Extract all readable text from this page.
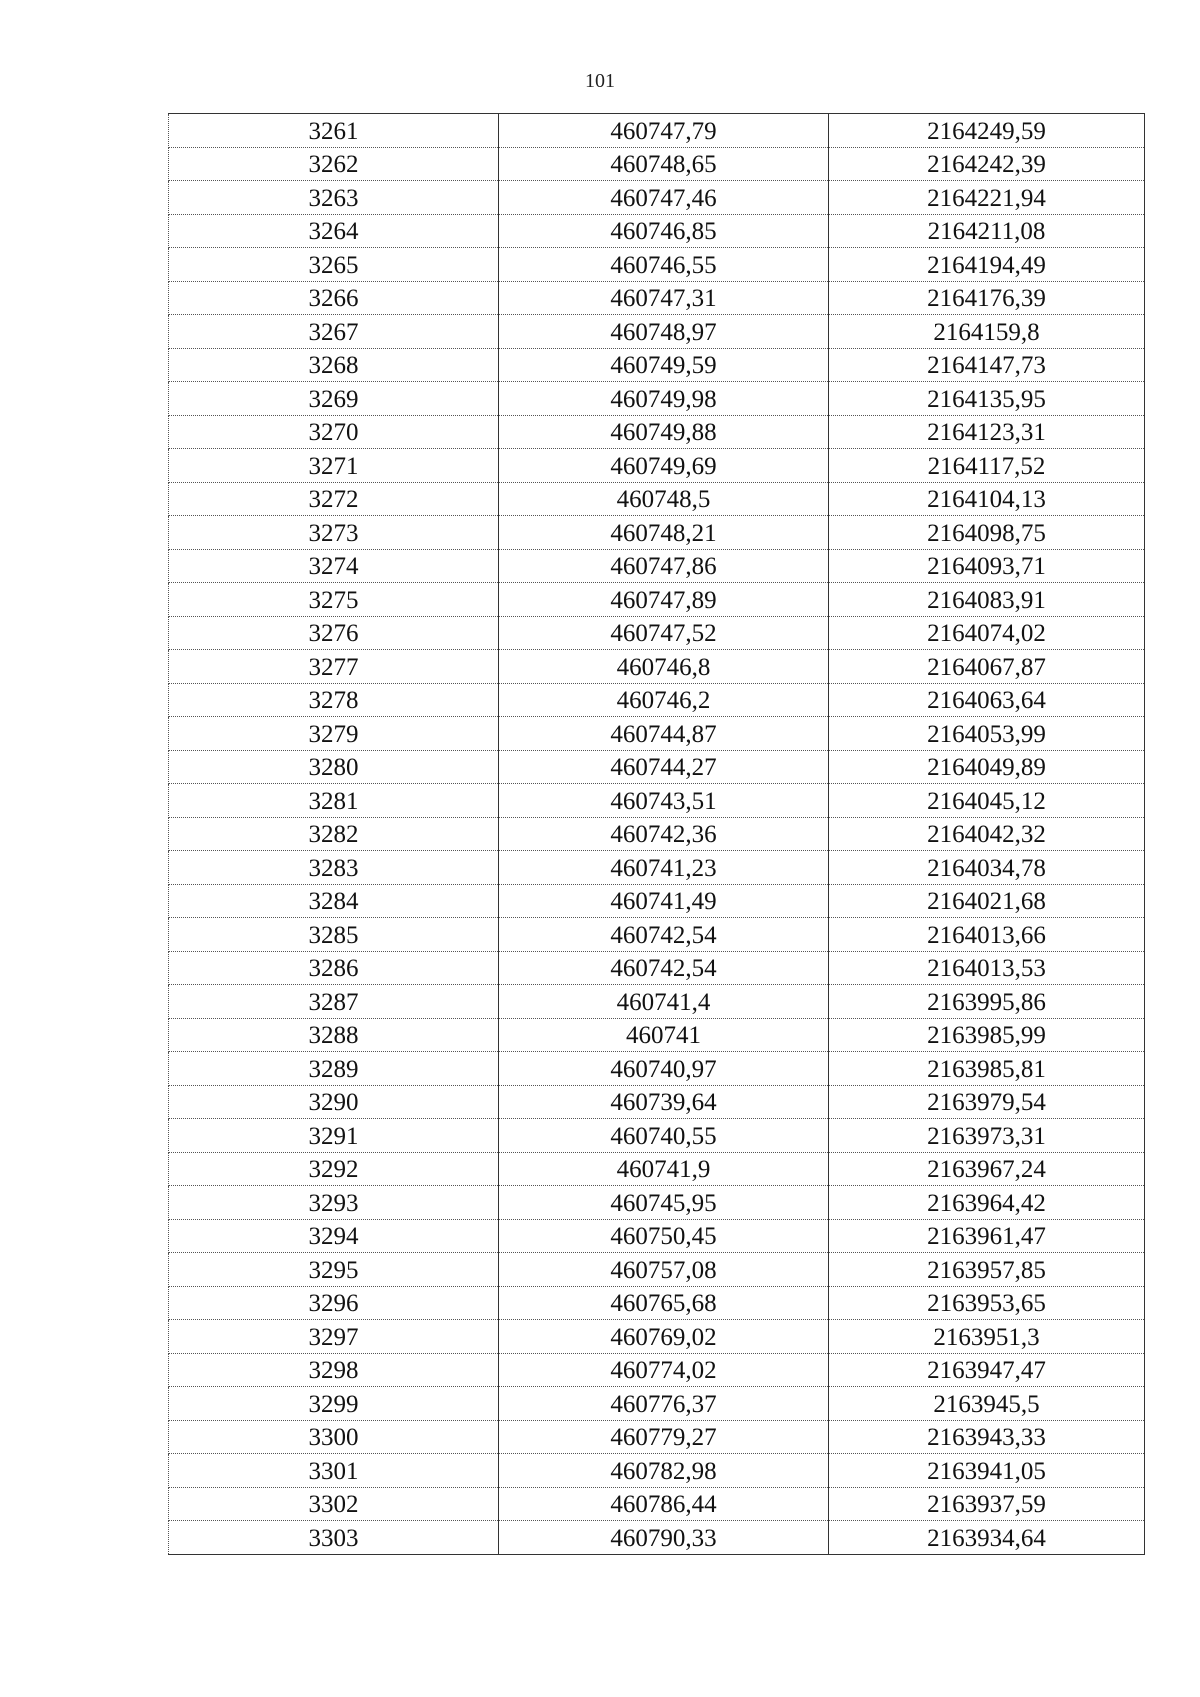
101
3261	460747,79	2164249,59
3262	460748,65	2164242,39
3263	460747,46	2164221,94
3264	460746,85	2164211,08
3265	460746,55	2164194,49
3266	460747,31	2164176,39
3267	460748,97	2164159,8
3268	460749,59	2164147,73
3269	460749,98	2164135,95
3270	460749,88	2164123,31
3271	460749,69	2164117,52
3272	460748,5	2164104,13
3273	460748,21	2164098,75
3274	460747,86	2164093,71
3275	460747,89	2164083,91
3276	460747,52	2164074,02
3277	460746,8	2164067,87
3278	460746,2	2164063,64
3279	460744,87	2164053,99
3280	460744,27	2164049,89
3281	460743,51	2164045,12
3282	460742,36	2164042,32
3283	460741,23	2164034,78
3284	460741,49	2164021,68
3285	460742,54	2164013,66
3286	460742,54	2164013,53
3287	460741,4	2163995,86
3288	460741	2163985,99
3289	460740,97	2163985,81
3290	460739,64	2163979,54
3291	460740,55	2163973,31
3292	460741,9	2163967,24
3293	460745,95	2163964,42
3294	460750,45	2163961,47
3295	460757,08	2163957,85
3296	460765,68	2163953,65
3297	460769,02	2163951,3
3298	460774,02	2163947,47
3299	460776,37	2163945,5
3300	460779,27	2163943,33
3301	460782,98	2163941,05
3302	460786,44	2163937,59
3303	460790,33	2163934,64
